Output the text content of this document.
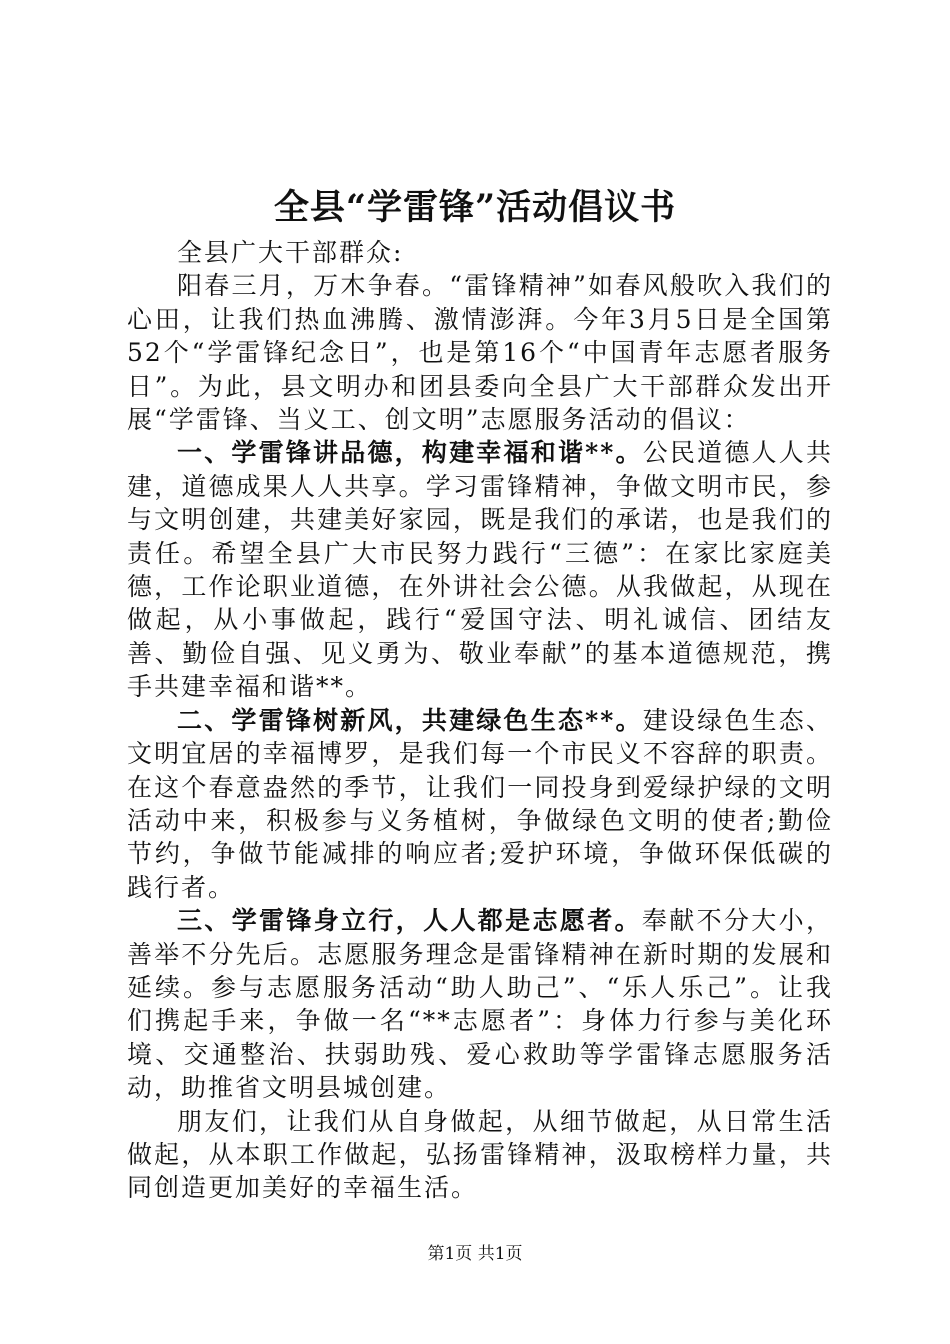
全县“学雷锋”活动倡议书

全县广大干部群众:

阳春三月，万木争春。“雷锋精神”如春风般吹入我们的心田，让我们热血沸腾、激情澎湃。今年3月5日是全国第52个“学雷锋纪念日”，也是第16个“中国青年志愿者服务日”。为此，县文明办和团县委向全县广大干部群众发出开展“学雷锋、当义工、创文明”志愿服务活动的倡议：

一、学雷锋讲品德，构建幸福和谐**。公民道德人人共建，道德成果人人共享。学习雷锋精神，争做文明市民，参与文明创建，共建美好家园，既是我们的承诺，也是我们的责任。希望全县广大市民努力践行“三德”：在家比家庭美德，工作论职业道德，在外讲社会公德。从我做起，从现在做起，从小事做起，践行“爱国守法、明礼诚信、团结友善、勤俭自强、见义勇为、敬业奉献”的基本道德规范，携手共建幸福和谐**。

二、学雷锋树新风，共建绿色生态**。建设绿色生态、文明宜居的幸福博罗，是我们每一个市民义不容辞的职责。在这个春意盎然的季节，让我们一同投身到爱绿护绿的文明活动中来，积极参与义务植树，争做绿色文明的使者;勤俭节约，争做节能减排的响应者;爱护环境，争做环保低碳的践行者。

三、学雷锋身立行，人人都是志愿者。奉献不分大小，善举不分先后。志愿服务理念是雷锋精神在新时期的发展和延续。参与志愿服务活动“助人助己”、“乐人乐己”。让我们携起手来，争做一名“**志愿者”：身体力行参与美化环境、交通整治、扶弱助残、爱心救助等学雷锋志愿服务活动，助推省文明县城创建。

朋友们，让我们从自身做起，从细节做起，从日常生活做起，从本职工作做起，弘扬雷锋精神，汲取榜样力量，共同创造更加美好的幸福生活。

第1页 共1页
